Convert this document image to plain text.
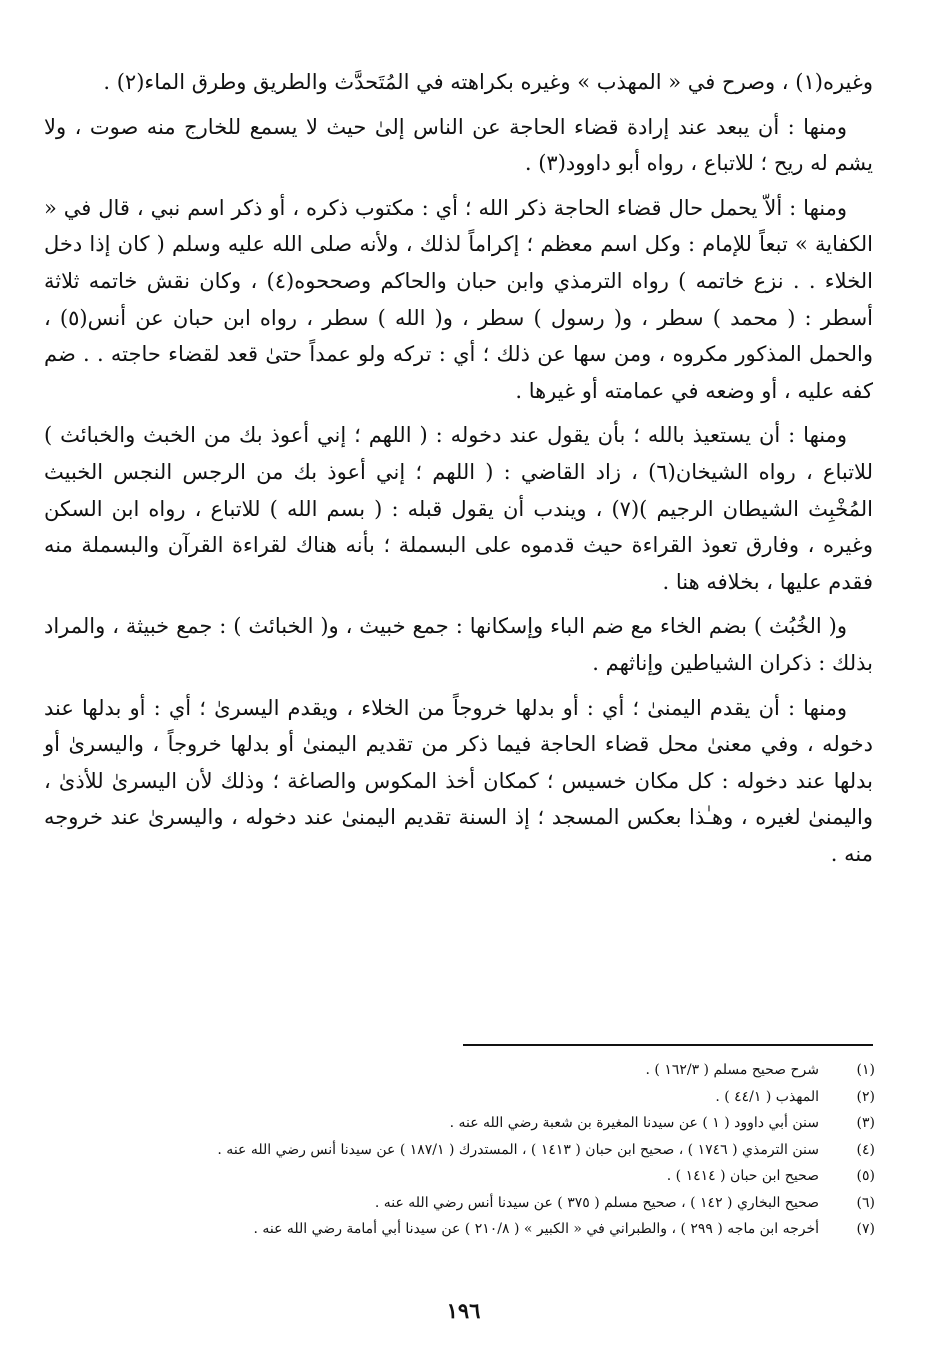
وغيره(١) ، وصرح في « المهذب » وغيره بكراهته في المُتَحدَّث والطريق وطرق الماء(٢) .

ومنها : أن يبعد عند إرادة قضاء الحاجة عن الناس إلىٰ حيث لا يسمع للخارج منه صوت ، ولا يشم له ريح ؛ للاتباع ، رواه أبو داوود(٣) .

ومنها : ألاّ يحمل حال قضاء الحاجة ذكر الله ؛ أي : مكتوب ذكره ، أو ذكر اسم نبي ، قال في « الكفاية » تبعاً للإمام : وكل اسم معظم ؛ إكراماً لذلك ، ولأنه صلى الله عليه وسلم ( كان إذا دخل الخلاء . . نزع خاتمه ) رواه الترمذي وابن حبان والحاكم وصححوه(٤) ، وكان نقش خاتمه ثلاثة أسطر : ( محمد ) سطر ، و( رسول ) سطر ، و( الله ) سطر ، رواه ابن حبان عن أنس(٥) ، والحمل المذكور مكروه ، ومن سها عن ذلك ؛ أي : تركه ولو عمداً حتىٰ قعد لقضاء حاجته . . ضم كفه عليه ، أو وضعه في عمامته أو غيرها .

ومنها : أن يستعيذ بالله ؛ بأن يقول عند دخوله : ( اللهم ؛ إني أعوذ بك من الخبث والخبائث ) للاتباع ، رواه الشيخان(٦) ، زاد القاضي : ( اللهم ؛ إني أعوذ بك من الرجس النجس الخبيث المُخْبِث الشيطان الرجيم )(٧) ، ويندب أن يقول قبله : ( بسم الله ) للاتباع ، رواه ابن السكن وغيره ، وفارق تعوذ القراءة حيث قدموه على البسملة ؛ بأنه هناك لقراءة القرآن والبسملة منه فقدم عليها ، بخلافه هنا .

و( الخُبُث ) بضم الخاء مع ضم الباء وإسكانها : جمع خبيث ، و( الخبائث ) : جمع خبيثة ، والمراد بذلك : ذكران الشياطين وإناثهم .

ومنها : أن يقدم اليمنىٰ ؛ أي : أو بدلها خروجاً من الخلاء ، ويقدم اليسرىٰ ؛ أي : أو بدلها عند دخوله ، وفي معنىٰ محل قضاء الحاجة فيما ذكر من تقديم اليمنىٰ أو بدلها خروجاً ، واليسرىٰ أو بدلها عند دخوله : كل مكان خسيس ؛ كمكان أخذ المكوس والصاغة ؛ وذلك لأن اليسرىٰ للأذىٰ ، واليمنىٰ لغيره ، وهـٰذا بعكس المسجد ؛ إذ السنة تقديم اليمنىٰ عند دخوله ، واليسرىٰ عند خروجه منه .

(١)
شرح صحيح مسلم ( ١٦٢/٣ ) .
(٢)
المهذب ( ٤٤/١ ) .
(٣)
سنن أبي داوود ( ١ ) عن سيدنا المغيرة بن شعبة رضي الله عنه .
(٤)
سنن الترمذي ( ١٧٤٦ ) ، صحيح ابن حبان ( ١٤١٣ ) ، المستدرك ( ١٨٧/١ ) عن سيدنا أنس رضي الله عنه .
(٥)
صحيح ابن حبان ( ١٤١٤ ) .
(٦)
صحيح البخاري ( ١٤٢ ) ، صحيح مسلم ( ٣٧٥ ) عن سيدنا أنس رضي الله عنه .
(٧)
أخرجه ابن ماجه ( ٢٩٩ ) ، والطبراني في « الكبير » ( ٢١٠/٨ ) عن سيدنا أبي أمامة رضي الله عنه .
١٩٦
